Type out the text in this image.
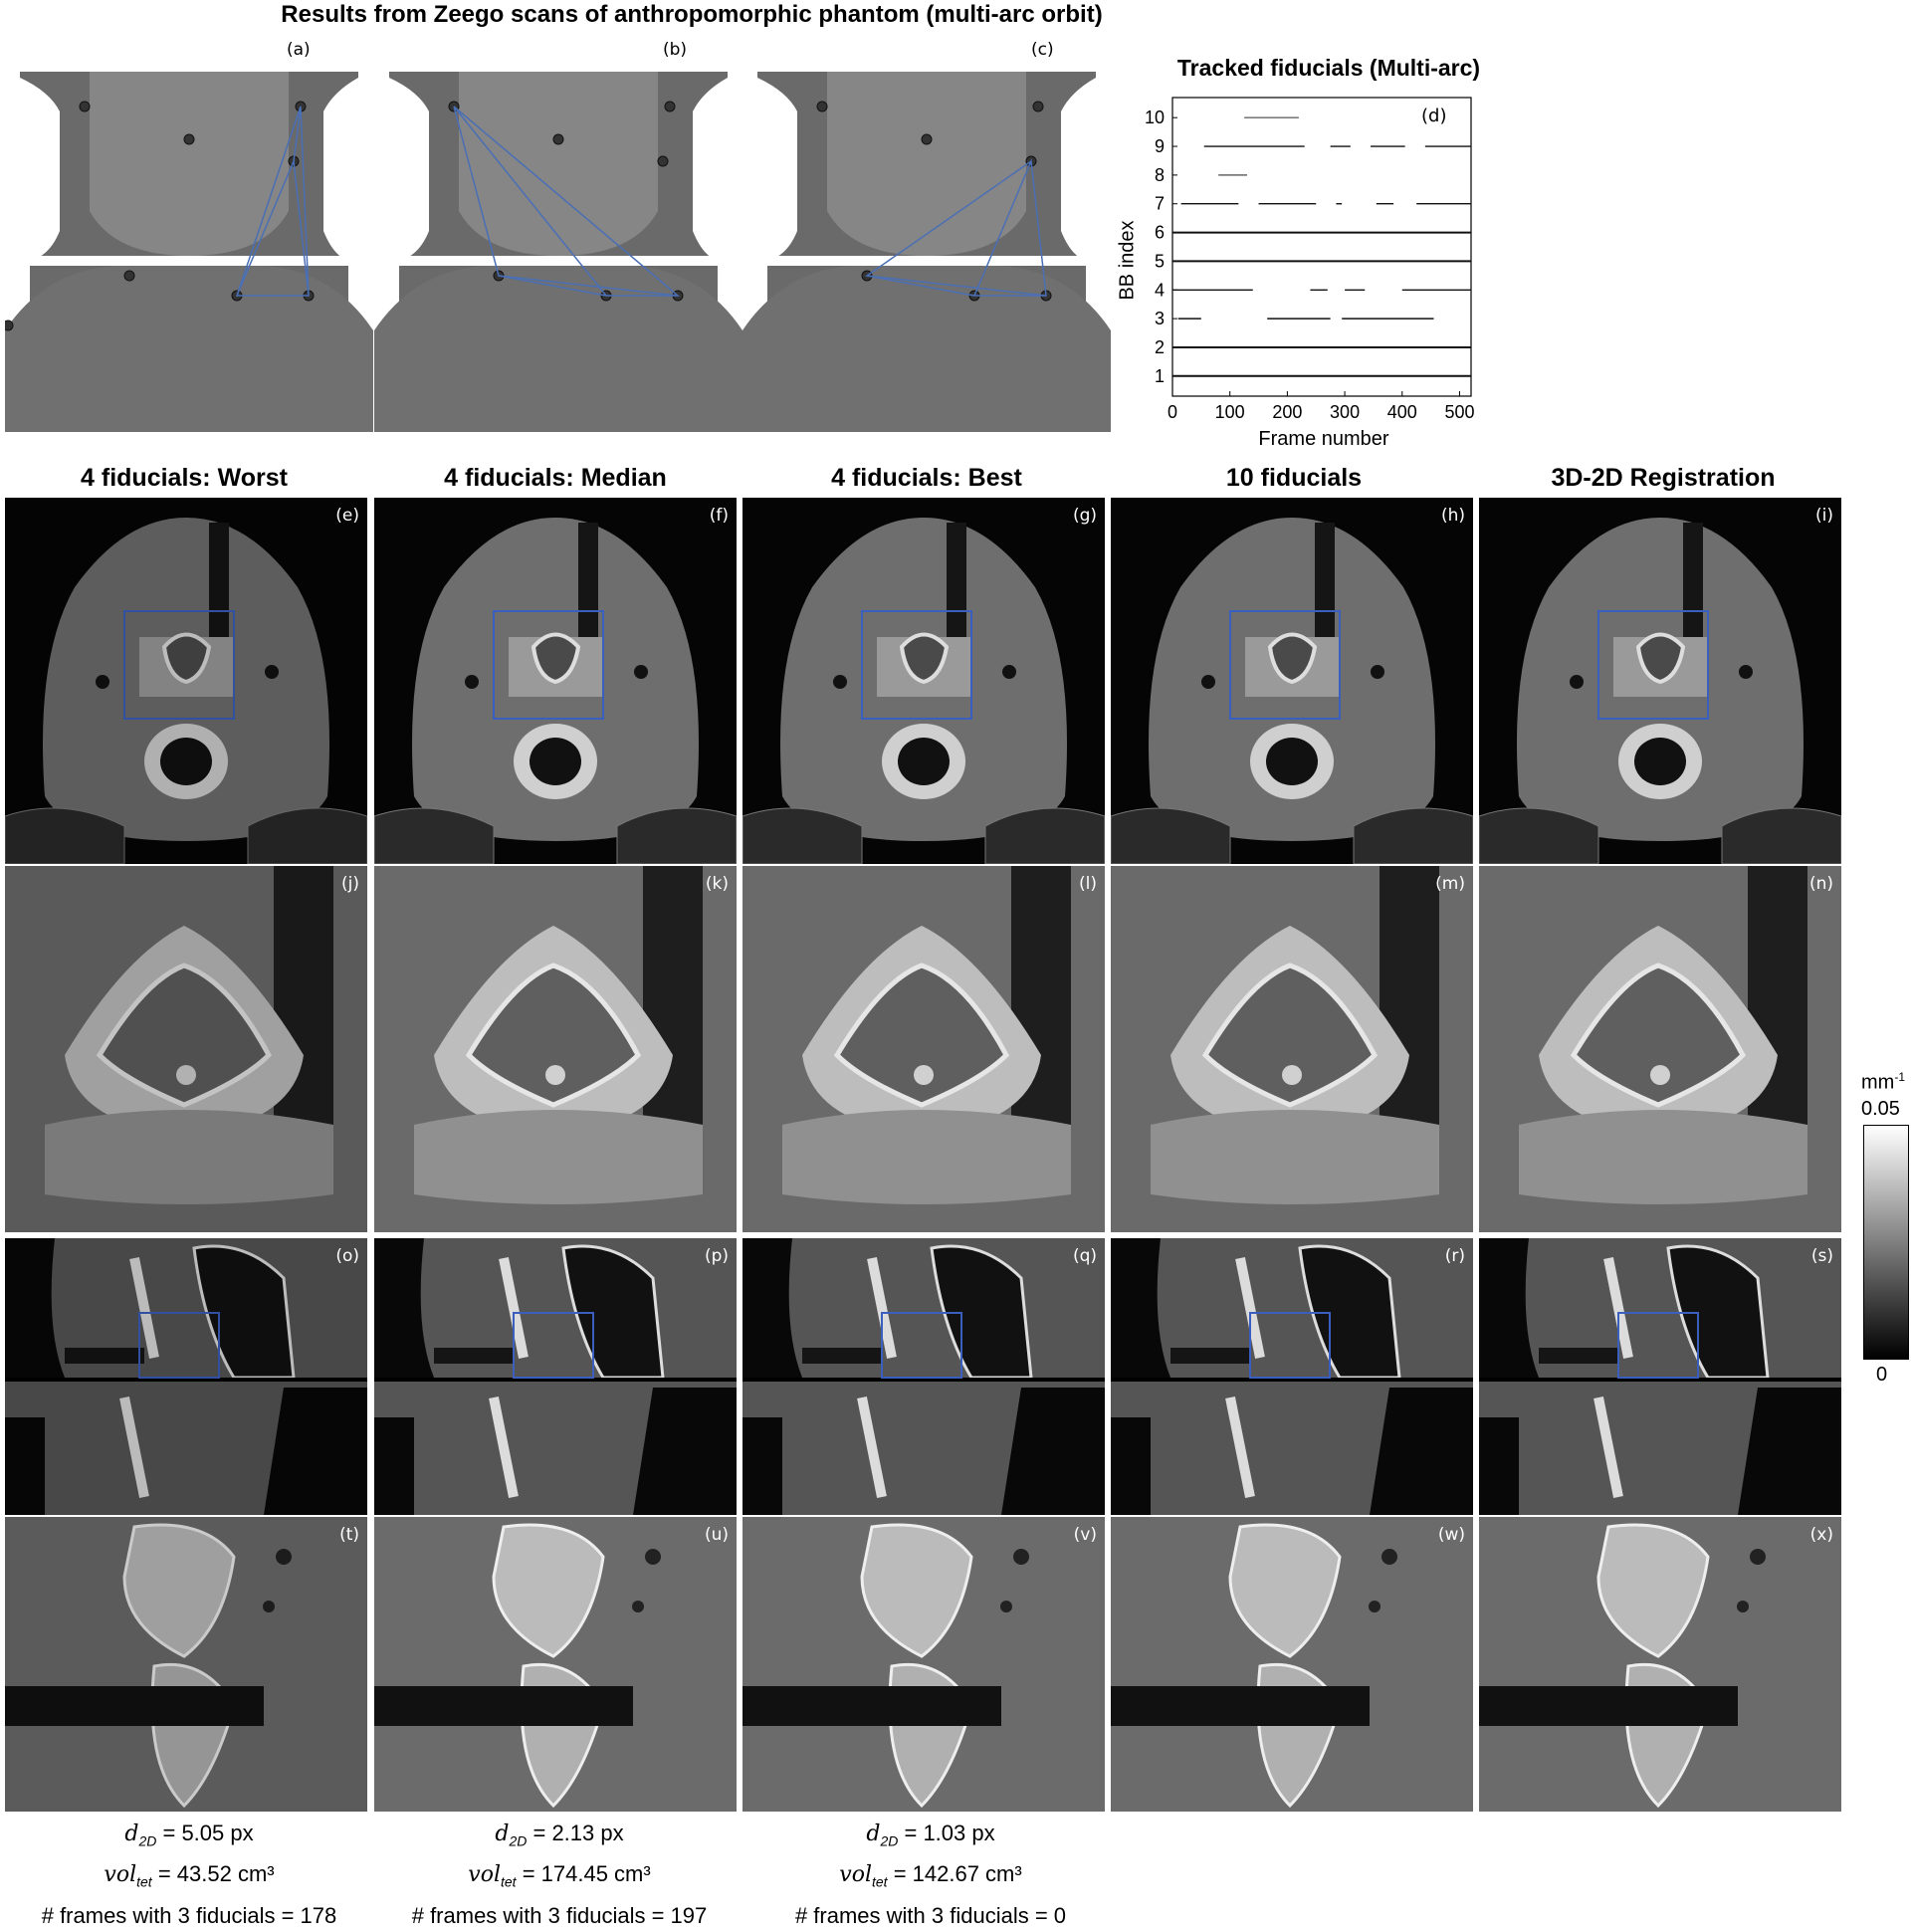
Results from Zeego scans of anthropomorphic phantom (multi-arc orbit)
(a)	(b)	(c)
Tracked fiducials (Multi-arc)
0 100 200 300 400 500
1
2
3
4
5
6
7
8
9
10	(d)
Frame number
BB index
4 fiducials: Worst	4 fiducials: Median	4 fiducials: Best	10 fiducials	3D-2D Registration
(e)	(f)	(g)	(h)	(i)
(j)	(k)	(l)	(m)	(n)
(o)	(p)	(q)	(r)	(s)
(t)	(u)	(v)	(w)	(x)
$mm^{-1}$
0.05
0
$d_{2D} = 5.05$ px
vol$_{tet}$ = 43.52 cm³
# frames with 3 fiducials = 178
$d_{2D} = 2.13$ px
vol$_{tet}$ = 174.45 cm³
# frames with 3 fiducials = 197
$d_{2D} = 1.03$ px
vol$_{tet}$ = 142.67 cm³
# frames with 3 fiducials = 0
